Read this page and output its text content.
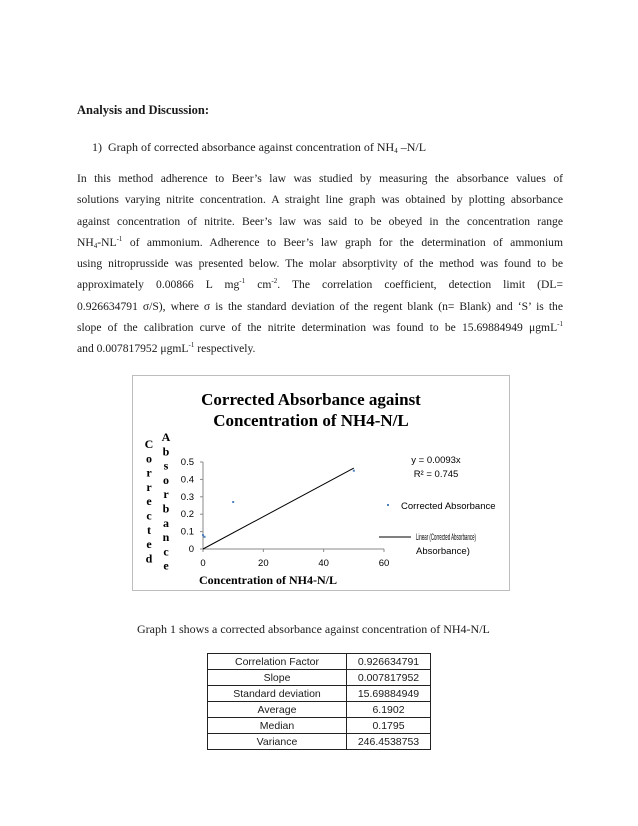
Analysis and Discussion:
1) Graph of corrected absorbance against concentration of $NH_4$ –N/L
In this method adherence to Beer’s law was studied by measuring the absorbance values of
solutions varying nitrite concentration. A straight line graph was obtained by plotting absorbance
against concentration of nitrite. Beer’s law was said to be obeyed in the concentration range
$NH_4-NL^{-1}$ of ammonium. Adherence to Beer’s law graph for the determination of ammonium
using nitroprusside was presented below. The molar absorptivity of the method was found to be
approximately 0.00866 L $mg^{-1}$ $cm^{-2}$. The correlation coefficient, detection limit (DL=
0.926634791 σ/S), where σ is the standard deviation of the regent blank (n= Blank) and ‘S’ is the
slope of the calibration curve of the nitrite determination was found to be 15.69884949 μgmL$^{-1}$
and 0.007817952 μgmL$^{-1}$ respectively.
Corrected Absorbance against
Concentration of NH4-N/L
Concentration of NH4-N/L
C
o
r
r
e
c
t
e
d
A
b
s
o
r
b
a
n
c
e
0
0.1
0.2
0.3
0.4
0.5
0	20	40	60
y = 0.0093x
R² = 0.745
Corrected Absorbance
Linear (Corrected Absorbance)
Absorbance)
Graph 1 shows a corrected absorbance against concentration of NH4-N/L
Correlation Factor	0.926634791
Slope	0.007817952
Standard deviation	15.69884949
Average	6.1902
Median	0.1795
Variance	246.4538753
